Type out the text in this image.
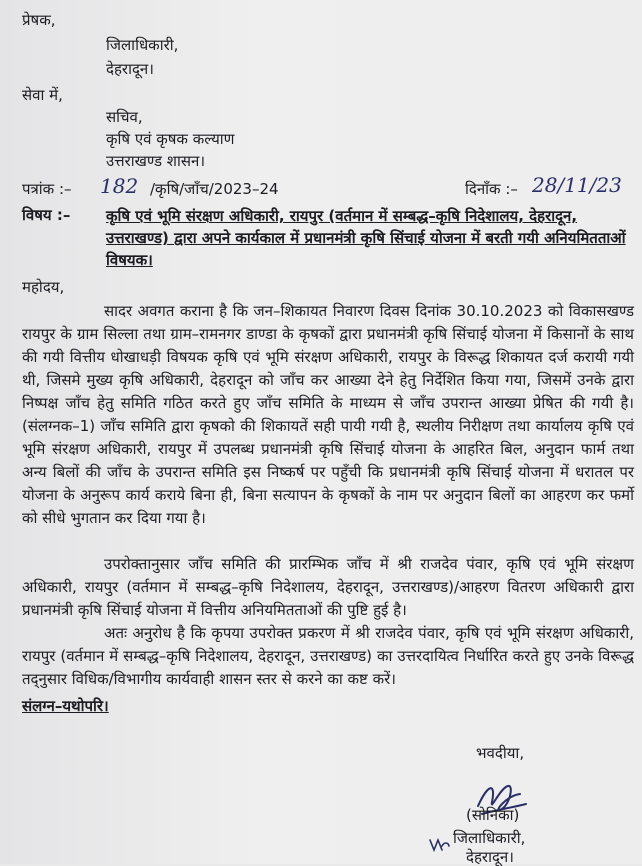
प्रेषक,
जिलाधिकारी,
देहरादून।
सेवा में,
सचिव,
कृषि एवं कृषक कल्याण
उत्तराखण्ड शासन।
पत्रांक :– 182 /कृषि/जाँच/2023–24	दिनाँक :– 28/11/23
विषय :– कृषि एवं भूमि संरक्षण अधिकारी, रायपुर (वर्तमान में सम्बद्ध–कृषि निदेशालय, देहरादून, उत्तराखण्ड) द्वारा अपने कार्यकाल में प्रधानमंत्री कृषि सिंचाई योजना में बरती गयी अनियमितताओं विषयक।
महोदय,

सादर अवगत कराना है कि जन–शिकायत निवारण दिवस दिनांक 30.10.2023 को विकासखण्ड रायपुर के ग्राम सिल्ला तथा ग्राम–रामनगर डाण्डा के कृषकों द्वारा प्रधानमंत्री कृषि सिंचाई योजना में किसानों के साथ की गयी वित्तीय धोखाधड़ी विषयक कृषि एवं भूमि संरक्षण अधिकारी, रायपुर के विरूद्ध शिकायत दर्ज करायी गयी थी, जिसमे मुख्य कृषि अधिकारी, देहरादून को जाँच कर आख्या देने हेतु निर्देशित किया गया, जिसमें उनके द्वारा निष्पक्ष जाँच हेतु समिति गठित करते हुए जाँच समिति के माध्यम से जाँच उपरान्त आख्या प्रेषित की गयी है।(संलग्नक–1) जाँच समिति द्वारा कृषको की शिकायतें सही पायी गयी है, स्थलीय निरीक्षण तथा कार्यालय कृषि एवं भूमि संरक्षण अधिकारी, रायपुर में उपलब्ध प्रधानमंत्री कृषि सिंचाई योजना के आहरित बिल, अनुदान फार्म तथा अन्य बिलों की जाँच के उपरान्त समिति इस निष्कर्ष पर पहुँची कि प्रधानमंत्री कृषि सिंचाई योजना में धरातल पर योजना के अनुरूप कार्य कराये बिना ही, बिना सत्यापन के कृषकों के नाम पर अनुदान बिलों का आहरण कर फर्मो को सीधे भुगतान कर दिया गया है।

उपरोक्तानुसार जाँच समिति की प्रारम्भिक जाँच में श्री राजदेव पंवार, कृषि एवं भूमि संरक्षण अधिकारी, रायपुर (वर्तमान में सम्बद्ध–कृषि निदेशालय, देहरादून, उत्तराखण्ड)/आहरण वितरण अधिकारी द्वारा प्रधानमंत्री कृषि सिंचाई योजना में वित्तीय अनियमितताओं की पुष्टि हुई है।

अतः अनुरोध है कि कृपया उपरोक्त प्रकरण में श्री राजदेव पंवार, कृषि एवं भूमि संरक्षण अधिकारी, रायपुर (वर्तमान में सम्बद्ध–कृषि निदेशालय, देहरादून, उत्तराखण्ड) का उत्तरदायित्व निर्धारित करते हुए उनके विरूद्ध तद्नुसार विधिक/विभागीय कार्यवाही शासन स्तर से करने का कष्ट करें।

संलग्न–यथोपरि।
भवदीया,
(सोनिका)
जिलाधिकारी,
देहरादून।
